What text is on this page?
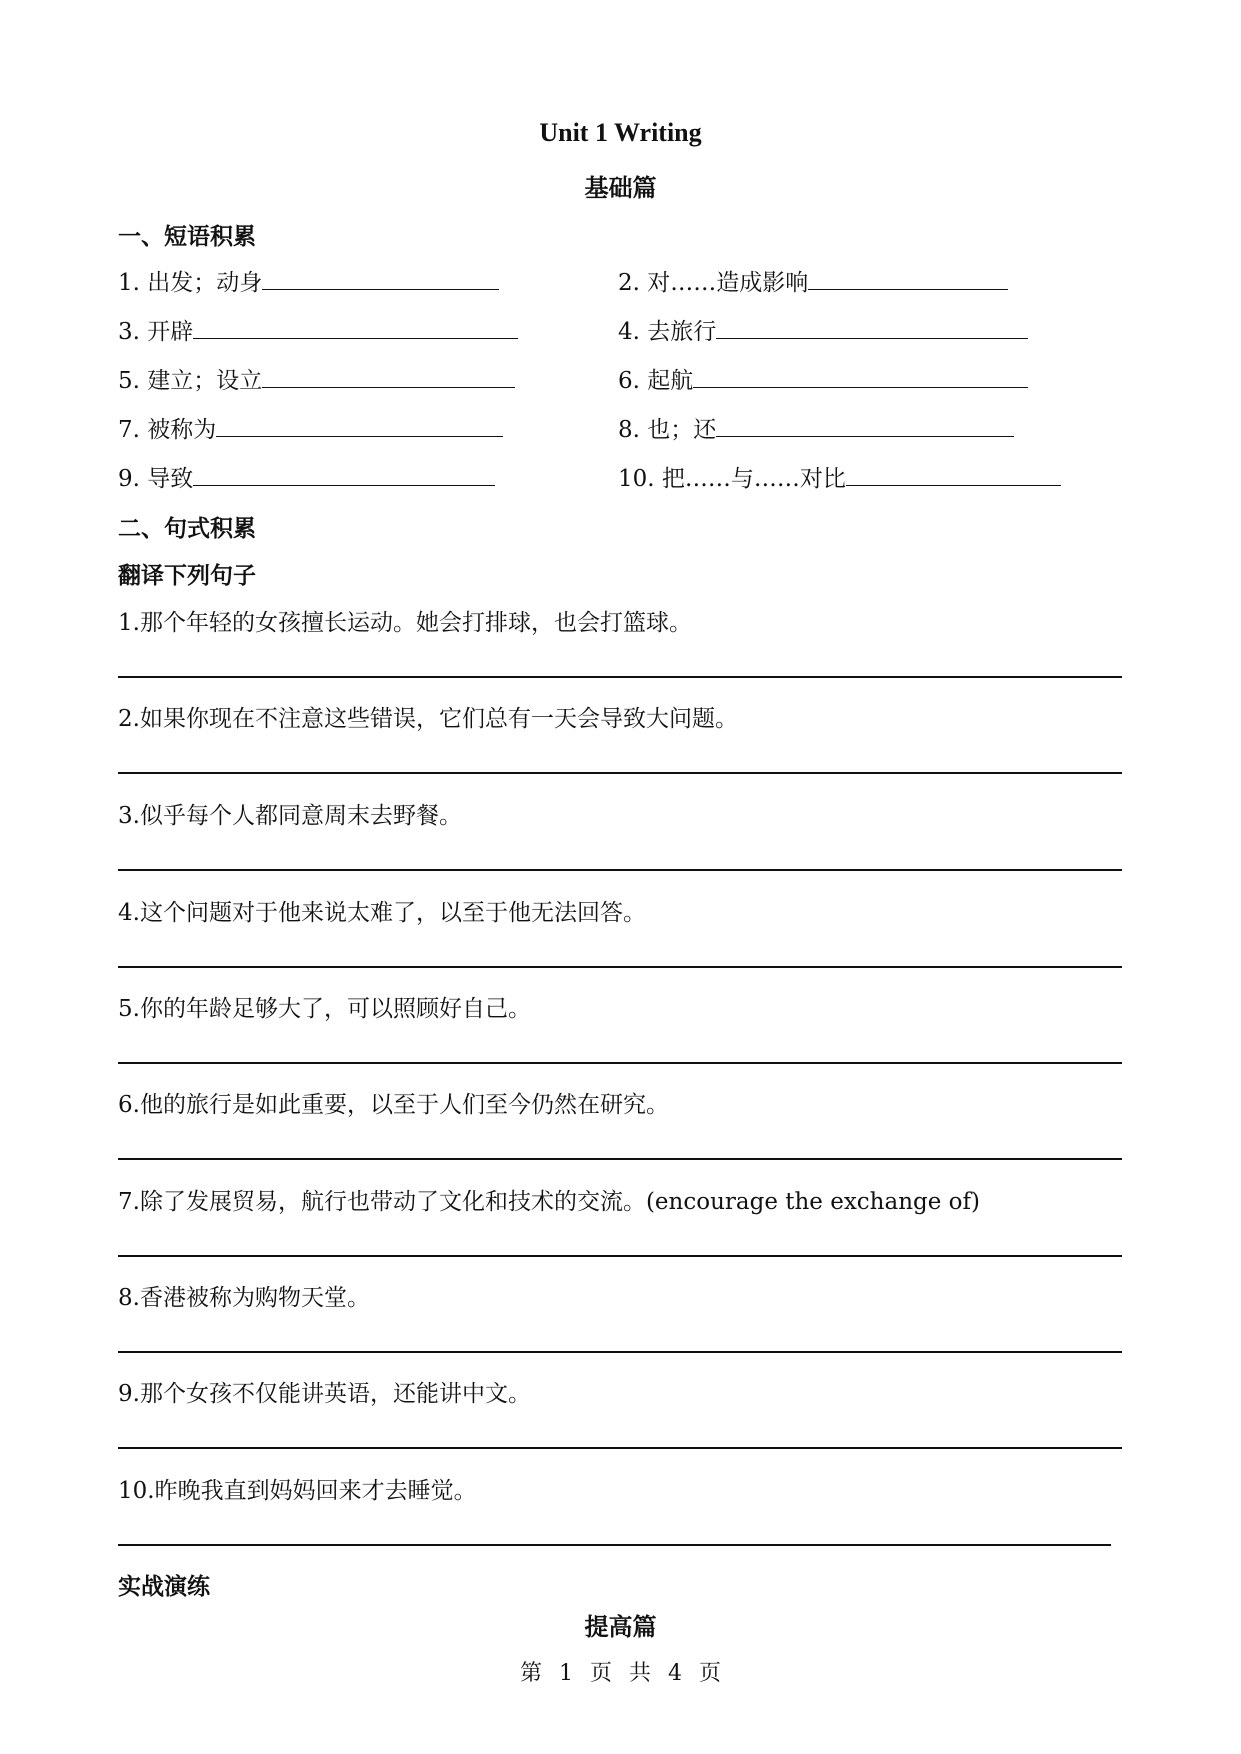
Unit 1 Writing
基础篇
一、短语积累
1. 出发；动身	2. 对……造成影响
3. 开辟	4. 去旅行
5. 建立；设立	6. 起航
7. 被称为	8. 也；还
9. 导致	10. 把……与……对比
二、句式积累
翻译下列句子
1.那个年轻的女孩擅长运动。她会打排球，也会打篮球。
2.如果你现在不注意这些错误，它们总有一天会导致大问题。
3.似乎每个人都同意周末去野餐。
4.这个问题对于他来说太难了，以至于他无法回答。
5.你的年龄足够大了，可以照顾好自己。
6.他的旅行是如此重要，以至于人们至今仍然在研究。
7.除了发展贸易，航行也带动了文化和技术的交流。(encourage the exchange of)
8.香港被称为购物天堂。
9.那个女孩不仅能讲英语，还能讲中文。
10.昨晚我直到妈妈回来才去睡觉。
实战演练
提高篇
第 1 页 共 4 页
